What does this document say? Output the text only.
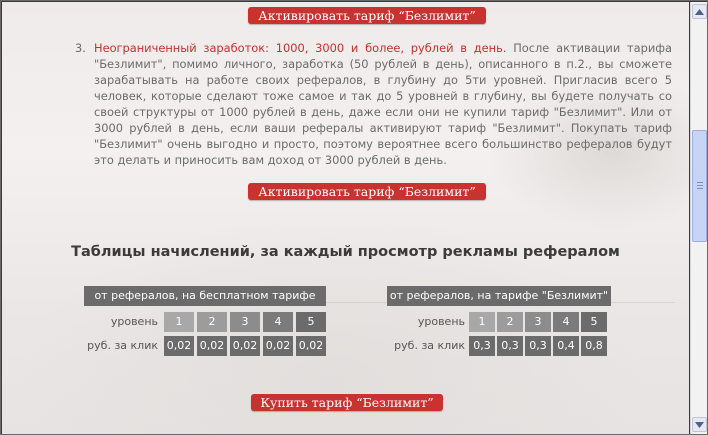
Активировать тариф “Безлимит”
3. Неограниченный заработок: 1000, 3000 и более, рублей в день. После активации тарифа "Безлимит", помимо личного, заработка (50 рублей в день), описанного в п.2., вы сможете зарабатывать на работе своих рефералов, в глубину до 5ти уровней. Пригласив всего 5 человек, которые сделают тоже самое и так до 5 уровней в глубину, вы будете получать со своей структуры от 1000 рублей в день, даже если они не купили тариф "Безлимит". Или от 3000 рублей в день, если ваши рефералы активируют тариф "Безлимит". Покупать тариф "Безлимит" очень выгодно и просто, поэтому вероятнее всего большинство рефералов будут это делать и приносить вам доход от 3000 рублей в день.
Активировать тариф “Безлимит”
Таблицы начислений, за каждый просмотр рекламы рефералом
от рефералов, на бесплатном тарифе
уровень	1	2	3	4	5
руб. за клик 0,02 0,02 0,02 0,02 0,02
от рефералов, на тарифе "Безлимит"
уровень	1	2	3	4	5
руб. за клик 0,3 0,3 0,3 0,4 0,8
Купить тариф “Безлимит”
